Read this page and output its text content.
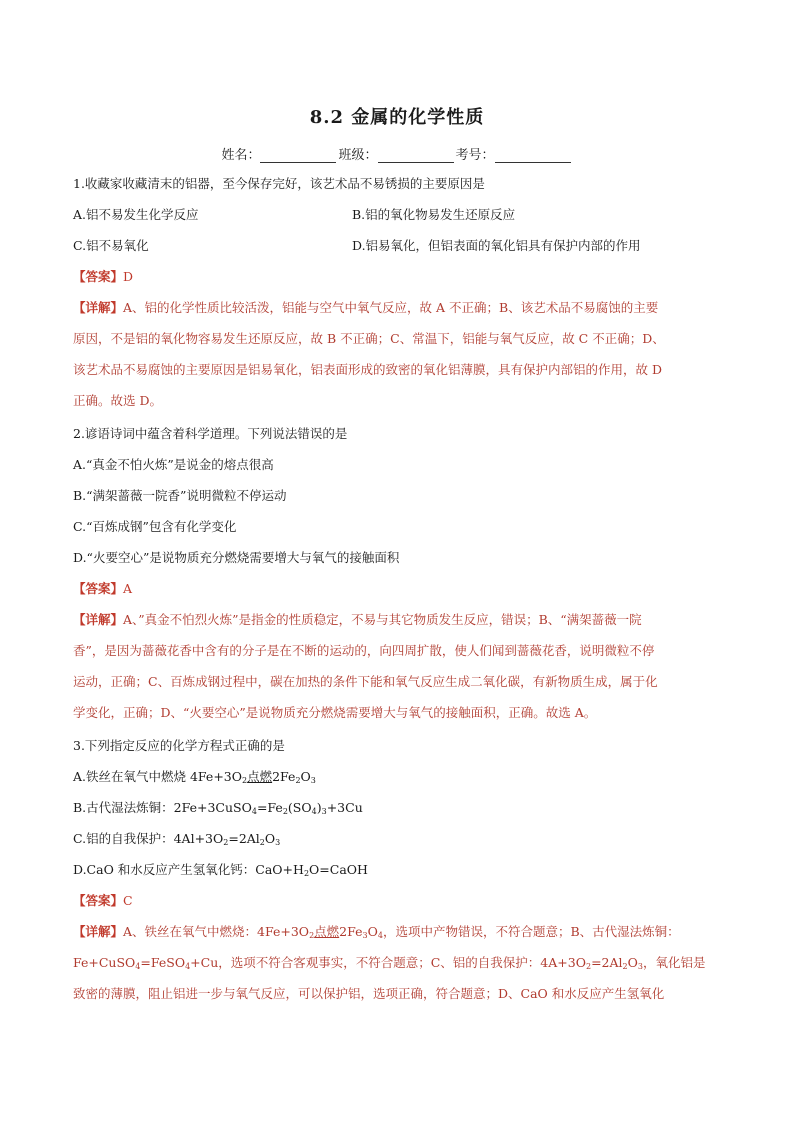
8.2 金属的化学性质
姓名：	班级：	考号：
1.收藏家收藏清末的铝器，至今保存完好，该艺术品不易锈损的主要原因是
A.铝不易发生化学反应	B.铝的氧化物易发生还原反应
C.铝不易氧化	D.铝易氧化，但铝表面的氧化铝具有保护内部的作用
【答案】D
【详解】A、铝的化学性质比较活泼，铝能与空气中氧气反应，故 A 不正确；B、该艺术品不易腐蚀的主要
原因，不是铝的氧化物容易发生还原反应，故 B 不正确；C、常温下，铝能与氧气反应，故 C 不正确；D、
该艺术品不易腐蚀的主要原因是铝易氧化，铝表面形成的致密的氧化铝薄膜，具有保护内部铝的作用，故 D
正确。故选 D。
2.谚语诗词中蕴含着科学道理。下列说法错误的是
A.“真金不怕火炼”是说金的熔点很高
B.“满架蔷薇一院香”说明微粒不停运动
C.“百炼成钢”包含有化学变化
D.“火要空心”是说物质充分燃烧需要增大与氧气的接触面积
【答案】A
【详解】A、”真金不怕烈火炼”是指金的性质稳定，不易与其它物质发生反应，错误；B、“满架蔷薇一院
香”，是因为蔷薇花香中含有的分子是在不断的运动的，向四周扩散，使人们闻到蔷薇花香，说明微粒不停
运动，正确；C、百炼成钢过程中，碳在加热的条件下能和氧气反应生成二氧化碳，有新物质生成，属于化
学变化，正确；D、“火要空心”是说物质充分燃烧需要增大与氧气的接触面积，正确。故选 A。
3.下列指定反应的化学方程式正确的是
A.铁丝在氧气中燃烧 $4Fe+3O_2$点燃$2Fe_2O_3$
B.古代湿法炼铜：$2Fe+3CuSO_4=Fe_2(SO_4)_3+3Cu$
C.铝的自我保护：$4Al+3O_2=2Al_2O_3$
D.CaO 和水反应产生氢氧化钙：$CaO+H_2O=CaOH$
【答案】C
【详解】A、铁丝在氧气中燃烧：$4Fe+3O_2$点燃$2Fe_3O_4$，选项中产物错误，不符合题意；B、古代湿法炼铜：
Fe+CuSO$_4$=FeSO$_4$+Cu，选项不符合客观事实，不符合题意；C、铝的自我保护：$4A+3O_2=2Al_2O_3$，氧化铝是
致密的薄膜，阻止铝进一步与氧气反应，可以保护铝，选项正确，符合题意；D、CaO 和水反应产生氢氧化
